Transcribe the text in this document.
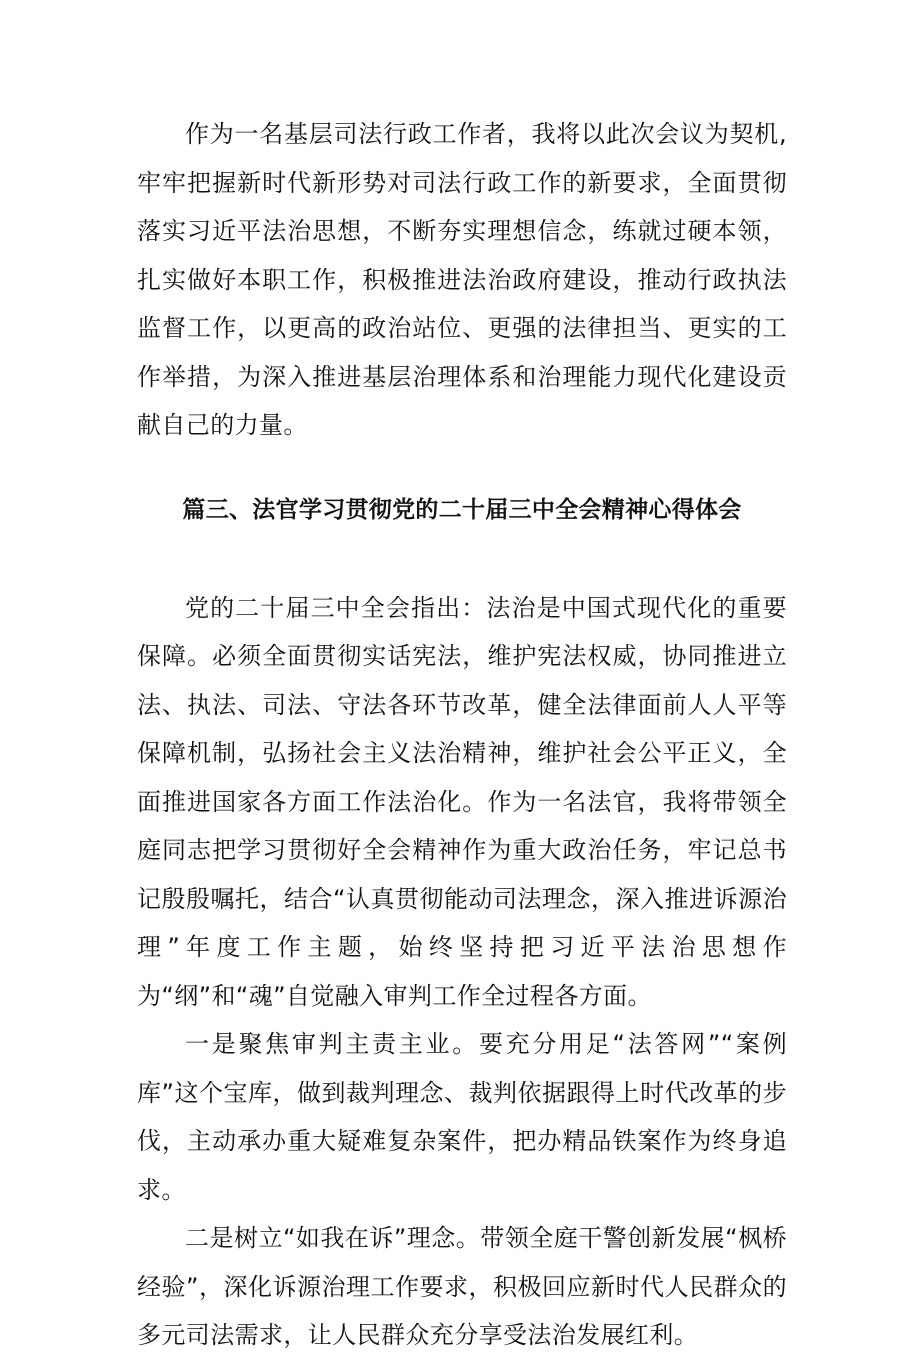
作为一名基层司法行政工作者，我将以此次会议为契机,牢牢把握新时代新形势对司法行政工作的新要求，全面贯彻落实习近平法治思想，不断夯实理想信念，练就过硬本领，扎实做好本职工作，积极推进法治政府建设，推动行政执法监督工作，以更高的政治站位、更强的法律担当、更实的工作举措，为深入推进基层治理体系和治理能力现代化建设贡献自己的力量。

篇三、法官学习贯彻党的二十届三中全会精神心得体会

党的二十届三中全会指出：法治是中国式现代化的重要保障。必须全面贯彻实话宪法，维护宪法权威，协同推进立法、执法、司法、守法各环节改革，健全法律面前人人平等保障机制，弘扬社会主义法治精神，维护社会公平正义，全面推进国家各方面工作法治化。作为一名法官，我将带领全庭同志把学习贯彻好全会精神作为重大政治任务，牢记总书记殷殷嘱托，结合“认真贯彻能动司法理念，深入推进诉源治理”年度工作主题，始终坚持把习近平法治思想作为“纲”和“魂”自觉融入审判工作全过程各方面。

一是聚焦审判主责主业。要充分用足“法答网”“案例库”这个宝库，做到裁判理念、裁判依据跟得上时代改革的步伐，主动承办重大疑难复杂案件，把办精品铁案作为终身追求。

二是树立“如我在诉”理念。带领全庭干警创新发展“枫桥经验”，深化诉源治理工作要求，积极回应新时代人民群众的多元司法需求，让人民群众充分享受法治发展红利。
